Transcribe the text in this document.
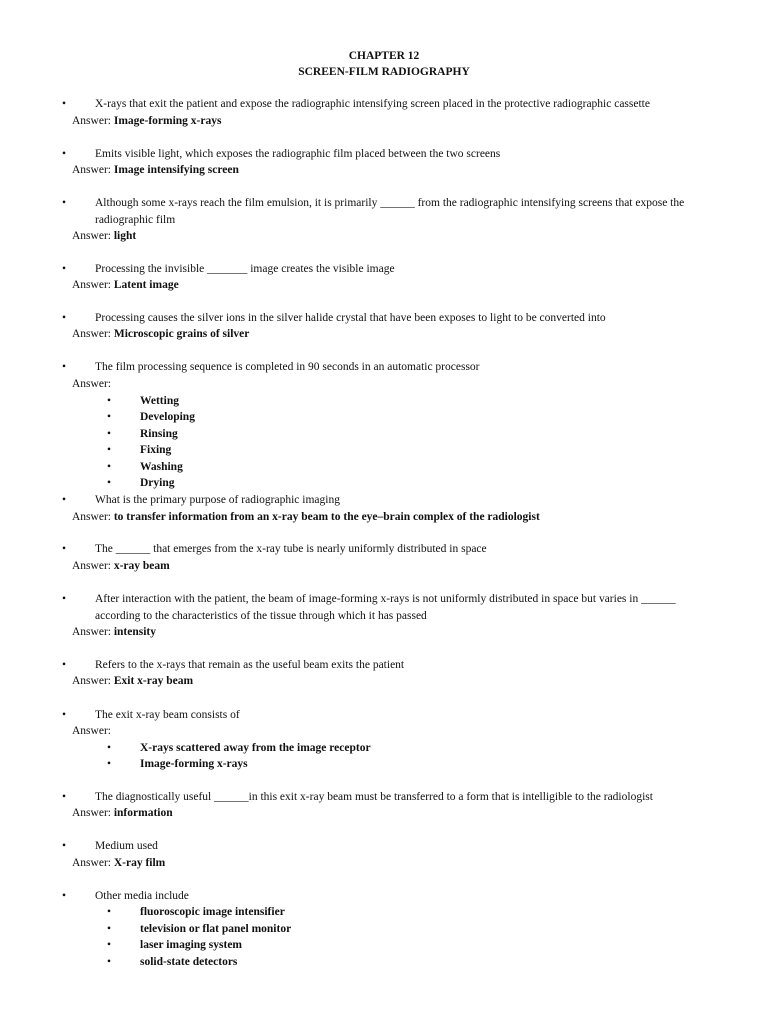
CHAPTER 12
SCREEN-FILM RADIOGRAPHY
•	X-rays that exit the patient and expose the radiographic intensifying screen placed in the protective radiographic cassette
Answer: Image-forming x-rays
•	Emits visible light, which exposes the radiographic film placed between the two screens
Answer: Image intensifying screen
•	Although some x-rays reach the film emulsion, it is primarily ______ from the radiographic intensifying screens that expose the radiographic film
Answer: light
•	Processing the invisible _______ image creates the visible image
Answer: Latent image
•	Processing causes the silver ions in the silver halide crystal that have been exposes to light to be converted into
Answer: Microscopic grains of silver
•	The film processing sequence is completed in 90 seconds in an automatic processor
Answer:
•	Wetting
•	Developing
•	Rinsing
•	Fixing
•	Washing
•	Drying
•	What is the primary purpose of radiographic imaging
Answer: to transfer information from an x-ray beam to the eye–brain complex of the radiologist
•	The ______ that emerges from the x-ray tube is nearly uniformly distributed in space
Answer: x-ray beam
•	After interaction with the patient, the beam of image-forming x-rays is not uniformly distributed in space but varies in ______ according to the characteristics of the tissue through which it has passed
Answer: intensity
•	Refers to the x-rays that remain as the useful beam exits the patient
Answer: Exit x-ray beam
•	The exit x-ray beam consists of
Answer:
•	X-rays scattered away from the image receptor
•	Image-forming x-rays
•	The diagnostically useful ______in this exit x-ray beam must be transferred to a form that is intelligible to the radiologist
Answer: information
•	Medium used
Answer: X-ray film
•	Other media include
•	fluoroscopic image intensifier
•	television or flat panel monitor
•	laser imaging system
•	solid-state detectors
